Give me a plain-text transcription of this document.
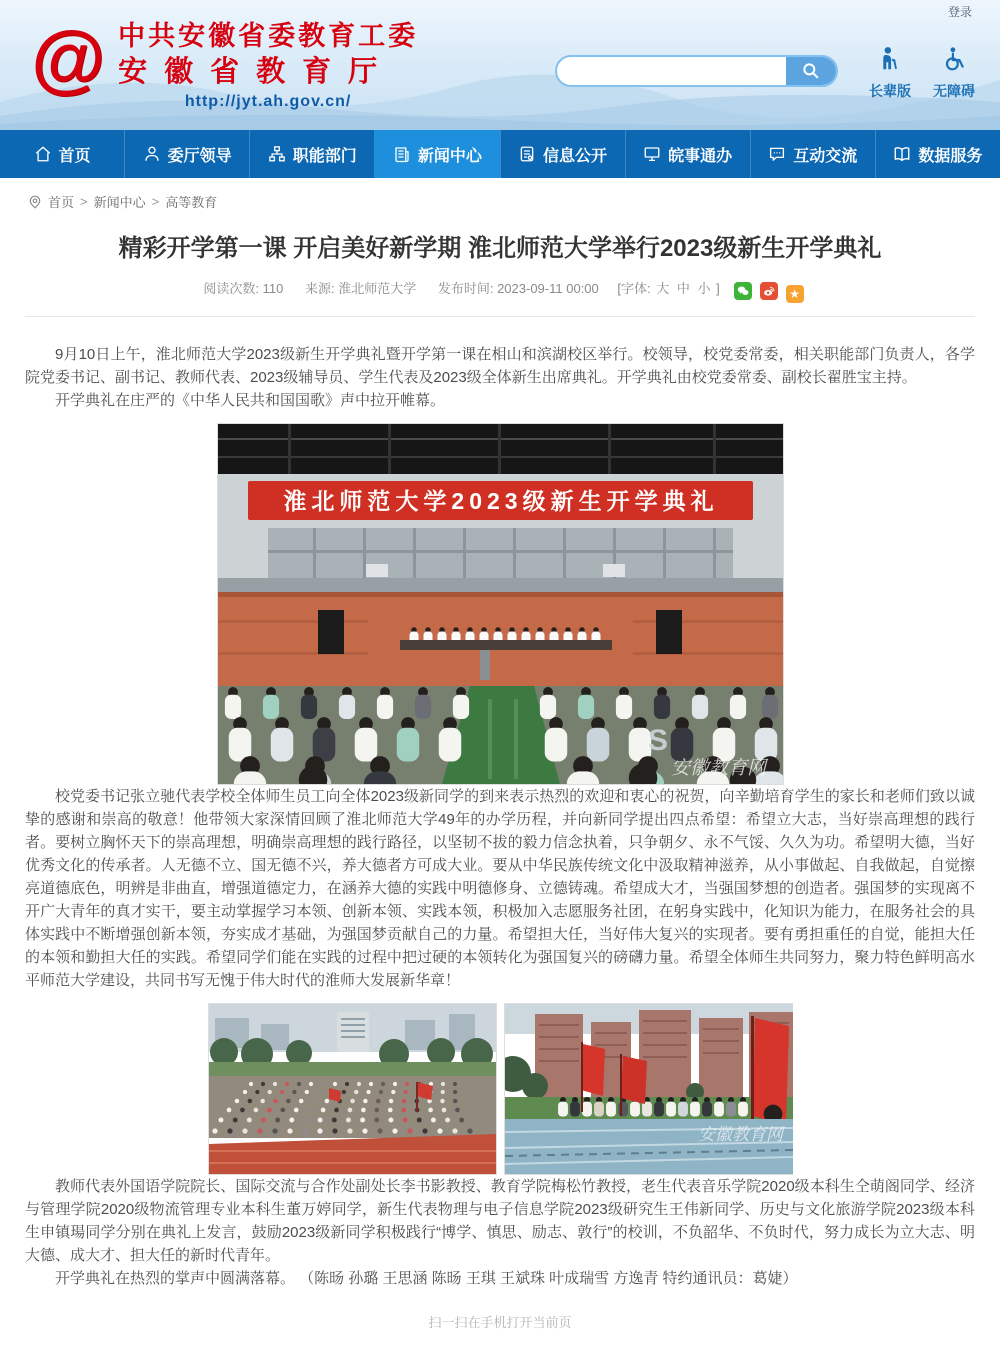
登录
@ 中共安徽省委教育工委
安徽省教育厅
http://jyt.ah.gov.cn/
长辈版	无障碍
首页	委厅领导	职能部门	新闻中心	信息公开	皖事通办	互动交流	数据服务
首页 > 新闻中心 > 高等教育
精彩开学第一课 开启美好新学期 淮北师范大学举行2023级新生开学典礼
阅读次数: 110 来源: 淮北师范大学 发布时间: 2023-09-11 00:00 [字体: 大 中 小 ]
	★

9月10日上午，淮北师范大学2023级新生开学典礼暨开学第一课在相山和滨湖校区举行。校领导，校党委常委，相关职能部门负责人，各学院党委书记、副书记、教师代表、2023级辅导员、学生代表及2023级全体新生出席典礼。开学典礼由校党委常委、副校长翟胜宝主持。

开学典礼在庄严的《中华人民共和国国歌》声中拉开帷幕。

淮北师范大学2023级新生开学典礼
S
安徽教育网

校党委书记张立驰代表学校全体师生员工向全体2023级新同学的到来表示热烈的欢迎和衷心的祝贺，向辛勤培育学生的家长和老师们致以诚挚的感谢和崇高的敬意！他带领大家深情回顾了淮北师范大学49年的办学历程，并向新同学提出四点希望：希望立大志，当好崇高理想的践行者。要树立胸怀天下的崇高理想，明确崇高理想的践行路径，以坚韧不拔的毅力信念执着，只争朝夕、永不气馁、久久为功。希望明大德，当好优秀文化的传承者。人无德不立、国无德不兴，养大德者方可成大业。要从中华民族传统文化中汲取精神滋养，从小事做起、自我做起，自觉擦亮道德底色，明辨是非曲直，增强道德定力，在涵养大德的实践中明德修身、立德铸魂。希望成大才，当强国梦想的创造者。强国梦的实现离不开广大青年的真才实干，要主动掌握学习本领、创新本领、实践本领，积极加入志愿服务社团，在躬身实践中，化知识为能力，在服务社会的具体实践中不断增强创新本领，夯实成才基础，为强国梦贡献自己的力量。希望担大任，当好伟大复兴的实现者。要有勇担重任的自觉，能担大任的本领和勤担大任的实践。希望同学们能在实践的过程中把过硬的本领转化为强国复兴的磅礴力量。希望全体师生共同努力，聚力特色鲜明高水平师范大学建设，共同书写无愧于伟大时代的淮师大发展新华章！

安徽教育网

教师代表外国语学院院长、国际交流与合作处副处长李书影教授、教育学院梅松竹教授，老生代表音乐学院2020级本科生仝萌阁同学、经济与管理学院2020级物流管理专业本科生董万婷同学，新生代表物理与电子信息学院2023级研究生王伟新同学、历史与文化旅游学院2023级本科生申镇瑒同学分别在典礼上发言，鼓励2023级新同学积极践行“博学、慎思、励志、敦行”的校训，不负韶华、不负时代，努力成长为立大志、明大德、成大才、担大任的新时代青年。

开学典礼在热烈的掌声中圆满落幕。 （陈旸 孙璐 王思涵 陈旸 王琪 王斌珠 叶成瑞雪 方逸青 特约通讯员：葛婕）

扫一扫在手机打开当前页
